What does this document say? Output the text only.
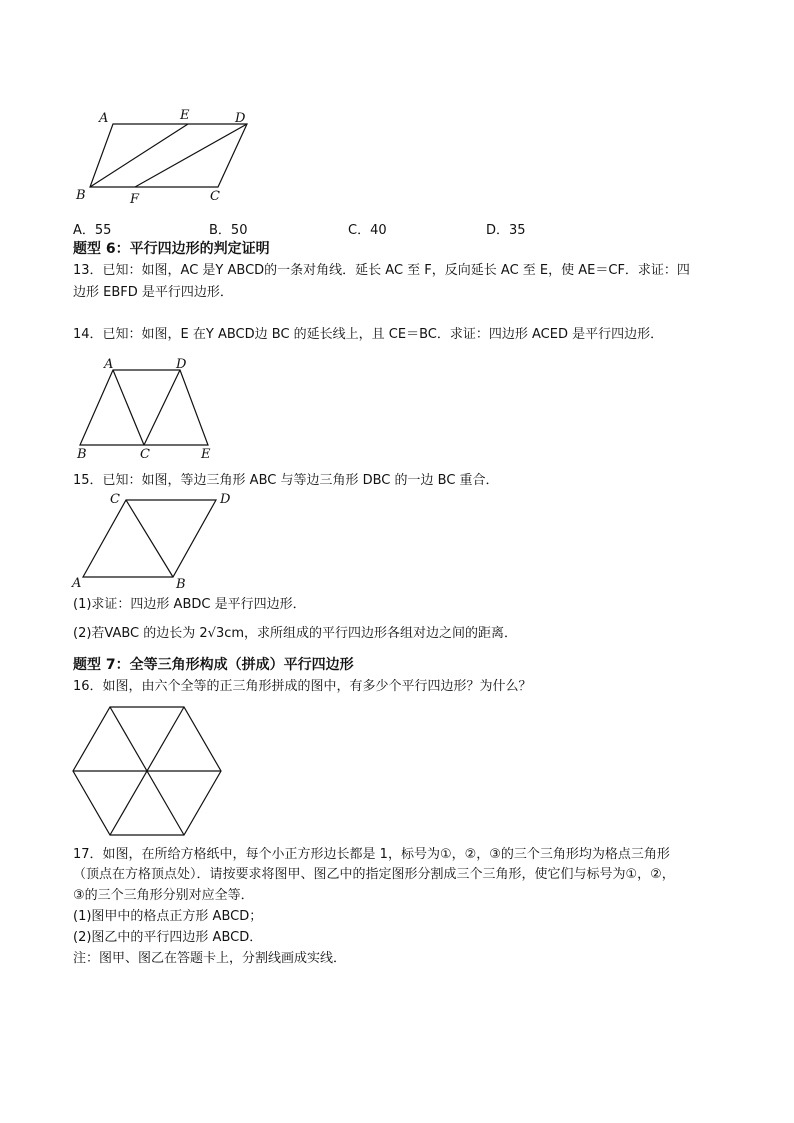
A	E	D
B	F	C
A	D
B	C	E
C	D
A	B
A．55	B．50	C．40	D．35
题型 6：平行四边形的判定证明
13．已知：如图，AC 是Y ABCD的一条对角线．延长 AC 至 F，反向延长 AC 至 E，使 AE＝CF．求证：四
边形 EBFD 是平行四边形．
14．已知：如图，E 在Y ABCD边 BC 的延长线上，且 CE＝BC．求证：四边形 ACED 是平行四边形．
15．已知：如图，等边三角形 ABC 与等边三角形 DBC 的一边 BC 重合．
(1)求证：四边形 ABDC 是平行四边形．
(2)若VABC 的边长为 2√3cm，求所组成的平行四边形各组对边之间的距离．
题型 7：全等三角形构成（拼成）平行四边形
16．如图，由六个全等的正三角形拼成的图中，有多少个平行四边形？为什么？
17．如图，在所给方格纸中，每个小正方形边长都是 1，标号为①，②，③的三个三角形均为格点三角形
（顶点在方格顶点处）．请按要求将图甲、图乙中的指定图形分割成三个三角形，使它们与标号为①，②，
③的三个三角形分别对应全等．
(1)图甲中的格点正方形 ABCD；
(2)图乙中的平行四边形 ABCD．
注：图甲、图乙在答题卡上，分割线画成实线．
